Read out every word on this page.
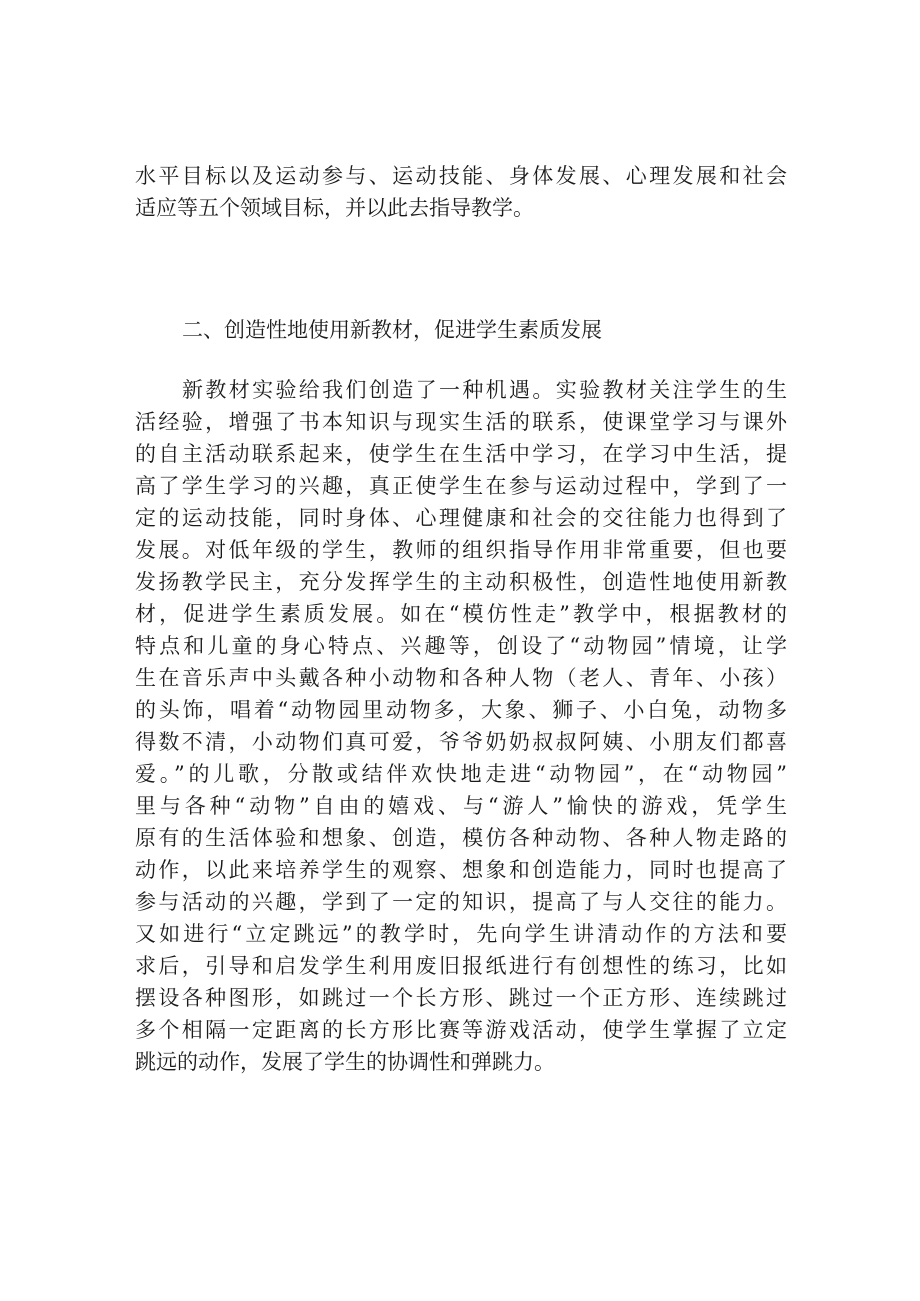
水平目标以及运动参与、运动技能、身体发展、心理发展和社会
适应等五个领域目标，并以此去指导教学。
二、创造性地使用新教材，促进学生素质发展
新教材实验给我们创造了一种机遇。实验教材关注学生的生
活经验，增强了书本知识与现实生活的联系，使课堂学习与课外
的自主活动联系起来，使学生在生活中学习，在学习中生活，提
高了学生学习的兴趣，真正使学生在参与运动过程中，学到了一
定的运动技能，同时身体、心理健康和社会的交往能力也得到了
发展。对低年级的学生，教师的组织指导作用非常重要，但也要
发扬教学民主，充分发挥学生的主动积极性，创造性地使用新教
材，促进学生素质发展。如在“模仿性走”教学中，根据教材的
特点和儿童的身心特点、兴趣等，创设了“动物园”情境，让学
生在音乐声中头戴各种小动物和各种人物（老人、青年、小孩）
的头饰，唱着“动物园里动物多，大象、狮子、小白兔，动物多
得数不清，小动物们真可爱，爷爷奶奶叔叔阿姨、小朋友们都喜
爱。”的儿歌，分散或结伴欢快地走进“动物园”，在“动物园”
里与各种“动物”自由的嬉戏、与“游人”愉快的游戏，凭学生
原有的生活体验和想象、创造，模仿各种动物、各种人物走路的
动作，以此来培养学生的观察、想象和创造能力，同时也提高了
参与活动的兴趣，学到了一定的知识，提高了与人交往的能力。
又如进行“立定跳远”的教学时，先向学生讲清动作的方法和要
求后，引导和启发学生利用废旧报纸进行有创想性的练习，比如
摆设各种图形，如跳过一个长方形、跳过一个正方形、连续跳过
多个相隔一定距离的长方形比赛等游戏活动，使学生掌握了立定
跳远的动作，发展了学生的协调性和弹跳力。
